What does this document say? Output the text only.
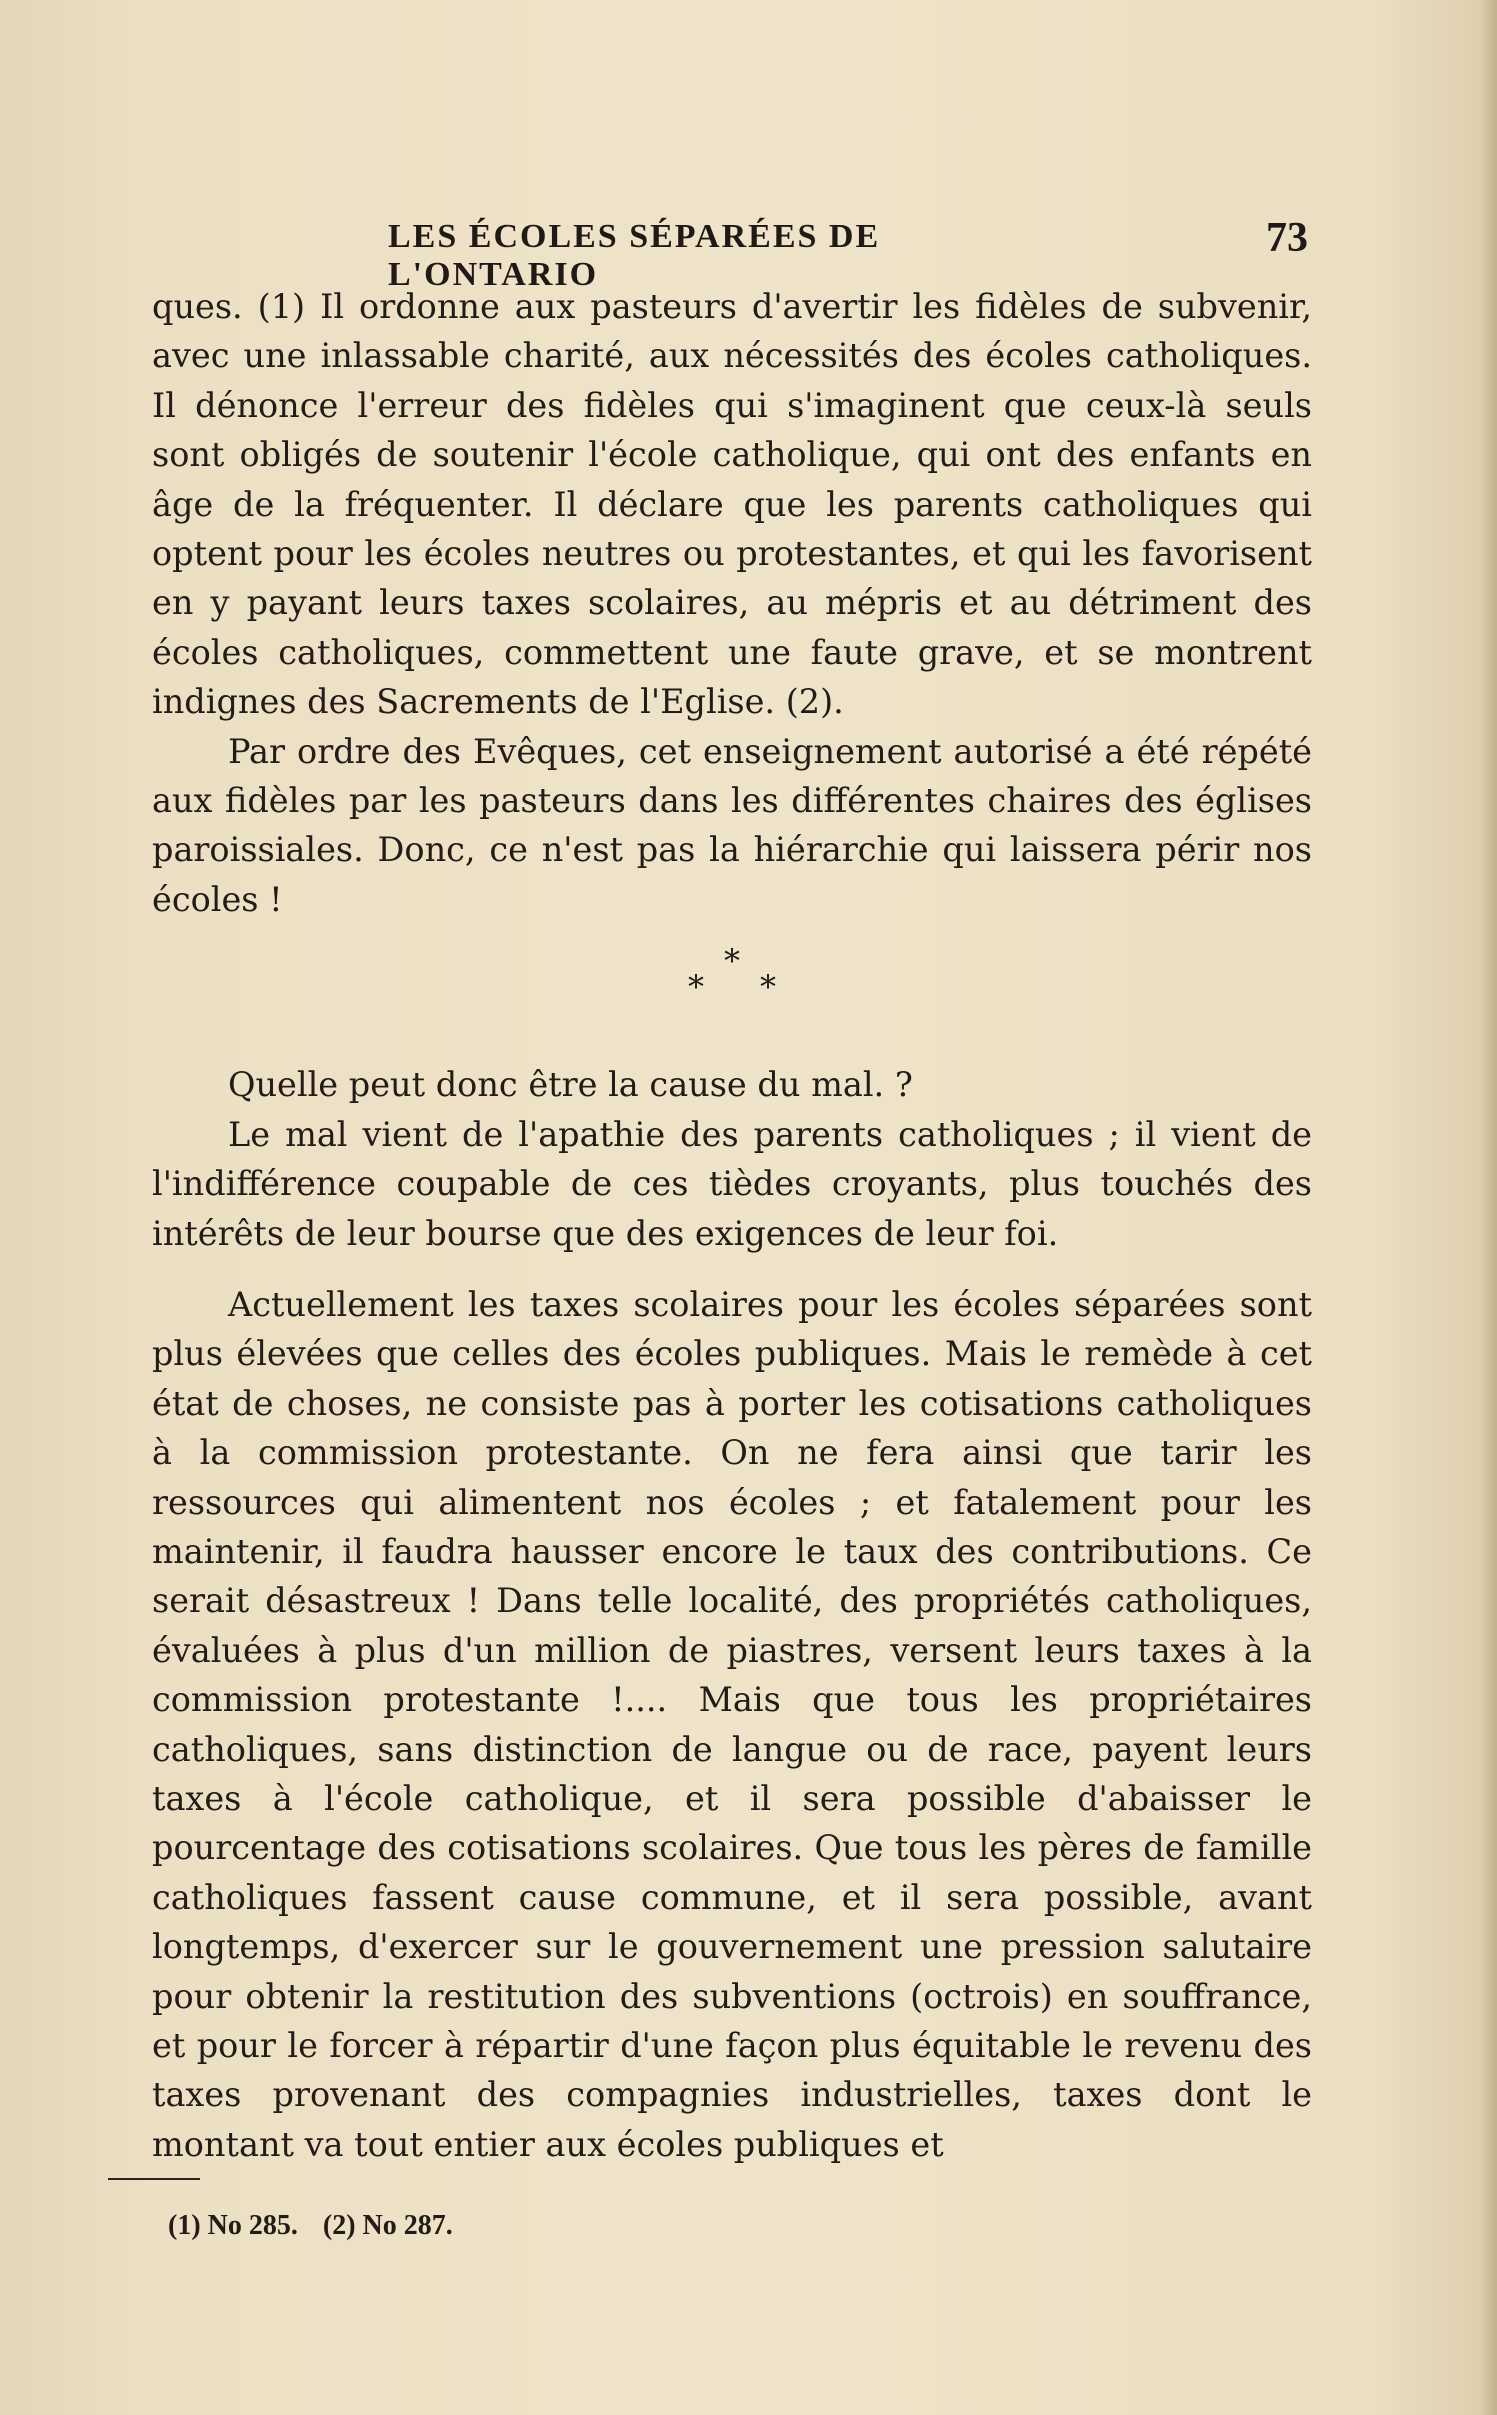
LES ÉCOLES SÉPARÉES DE L'ONTARIO
73

ques. (1) Il ordonne aux pasteurs d'avertir les fidèles de subvenir, avec une inlassable charité, aux nécessités des écoles catholiques. Il dénonce l'erreur des fidèles qui s'imaginent que ceux-là seuls sont obligés de soutenir l'école catholique, qui ont des enfants en âge de la fréquenter. Il déclare que les parents catholiques qui optent pour les écoles neutres ou protestantes, et qui les favorisent en y payant leurs taxes scolaires, au mépris et au détriment des écoles catholiques, commettent une faute grave, et se montrent indignes des Sacrements de l'Eglise. (2).

Par ordre des Evêques, cet enseignement autorisé a été répété aux fidèles par les pasteurs dans les différentes chaires des églises paroissiales. Donc, ce n'est pas la hiérarchie qui laissera périr nos écoles !

*
* *

Quelle peut donc être la cause du mal. ?

Le mal vient de l'apathie des parents catholiques ; il vient de l'indifférence coupable de ces tièdes croyants, plus touchés des intérêts de leur bourse que des exigences de leur foi.

Actuellement les taxes scolaires pour les écoles séparées sont plus élevées que celles des écoles publiques. Mais le remède à cet état de choses, ne consiste pas à porter les cotisations catholiques à la commission protestante. On ne fera ainsi que tarir les ressources qui alimentent nos écoles ; et fatalement pour les maintenir, il faudra hausser encore le taux des contributions. Ce serait désastreux ! Dans telle localité, des propriétés catholiques, évaluées à plus d'un million de piastres, versent leurs taxes à la commission protestante !.... Mais que tous les propriétaires catholiques, sans distinction de langue ou de race, payent leurs taxes à l'école catholique, et il sera possible d'abaisser le pourcentage des cotisations scolaires. Que tous les pères de famille catholiques fassent cause commune, et il sera possible, avant longtemps, d'exercer sur le gouvernement une pression salutaire pour obtenir la restitution des subventions (octrois) en souffrance, et pour le forcer à répartir d'une façon plus équitable le revenu des taxes provenant des compagnies industrielles, taxes dont le montant va tout entier aux écoles publiques et

(1) No 285. (2) No 287.
